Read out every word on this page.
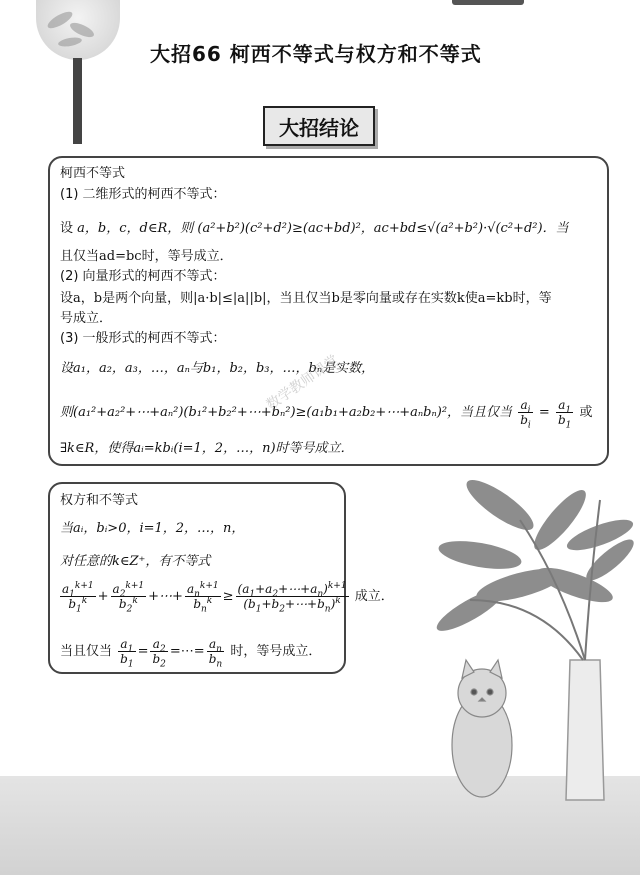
大招66 柯西不等式与权方和不等式
大招结论
柯西不等式
(1) 二维形式的柯西不等式：
设 a，b，c，d∈R，则 (a²+b²)(c²+d²)≥(ac+bd)²，ac+bd≤√(a²+b²)·√(c²+d²)．当
且仅当ad=bc时，等号成立．
(2) 向量形式的柯西不等式：
设a，b是两个向量，则|a·b|≤|a||b|，当且仅当b是零向量或存在实数k使a=kb时，等
号成立．
(3) 一般形式的柯西不等式：
设a₁，a₂，a₃，…，aₙ与b₁，b₂，b₃，…，bₙ是实数，
则(a₁²+a₂²+⋯+aₙ²)(b₁²+b₂²+⋯+bₙ²)≥(a₁b₁+a₂b₂+⋯+aₙbₙ)²，当且仅当 $\frac{a_i}{b_i} = \frac{a_1}{b_1}$ 或
∃k∈R，使得aᵢ=kbᵢ(i=1，2，…，n)时等号成立．
数学教师课堂
权方和不等式
当aᵢ，bᵢ>0，i=1，2，…，n，
对任意的k∈Z⁺，有不等式
$\frac{a_1^{k+1}}{b_1^k} + \frac{a_2^{k+1}}{b_2^k}$ +⋯+ $\frac{a_n^{k+1}}{b_n^k} \ge \frac{(a_1+a_2+\cdots+a_n)^{k+1}}{(b_1+b_2+\cdots+b_n)^k}$ 成立．
当且仅当 $\frac{a_1}{b_1} = \frac{a_2}{b_2}$ =⋯= $\frac{a_n}{b_n}$ 时，等号成立．
